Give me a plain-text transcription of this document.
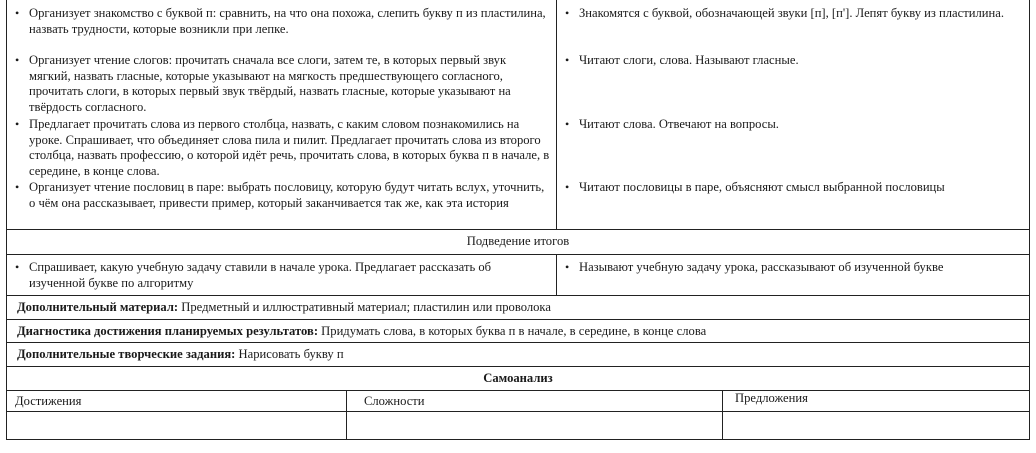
• Организует знакомство с буквой п: сравнить, на что она похожа, слепить букву п из пластилина, назвать трудности, которые возникли при лепке.
• Организует чтение слогов: прочитать сначала все слоги, затем те, в которых первый звук мягкий, назвать гласные, которые указывают на мягкость предшествующего согласного, прочитать слоги, в которых первый звук твёрдый, назвать гласные, которые указывают на твёрдость согласного.
• Предлагает прочитать слова из первого столбца, назвать, с каким словом познакомились на уроке. Спрашивает, что объединяет слова пила и пилит. Предлагает прочитать слова из второго столбца, назвать профессию, о которой идёт речь, прочитать слова, в которых буква п в начале, в середине, в конце слова.
• Организует чтение пословиц в паре: выбрать пословицу, которую будут читать вслух, уточнить, о чём она рассказывает, привести пример, который заканчивается так же, как эта история
• Знакомятся с буквой, обозначающей звуки [п], [п']. Лепят букву из пластилина.
• Читают слоги, слова. Называют гласные.
• Читают слова. Отвечают на вопросы.
• Читают пословицы в паре, объясняют смысл выбранной пословицы
Подведение итогов
• Спрашивает, какую учебную задачу ставили в начале урока. Предлагает рассказать об изученной букве по алгоритму
• Называют учебную задачу урока, рассказывают об изученной букве
Дополнительный материал: Предметный и иллюстративный материал; пластилин или проволока
Диагностика достижения планируемых результатов: Придумать слова, в которых буква п в начале, в середине, в конце слова
Дополнительные творческие задания: Нарисовать букву п
Самоанализ
Достижения	Сложности	Предложения
